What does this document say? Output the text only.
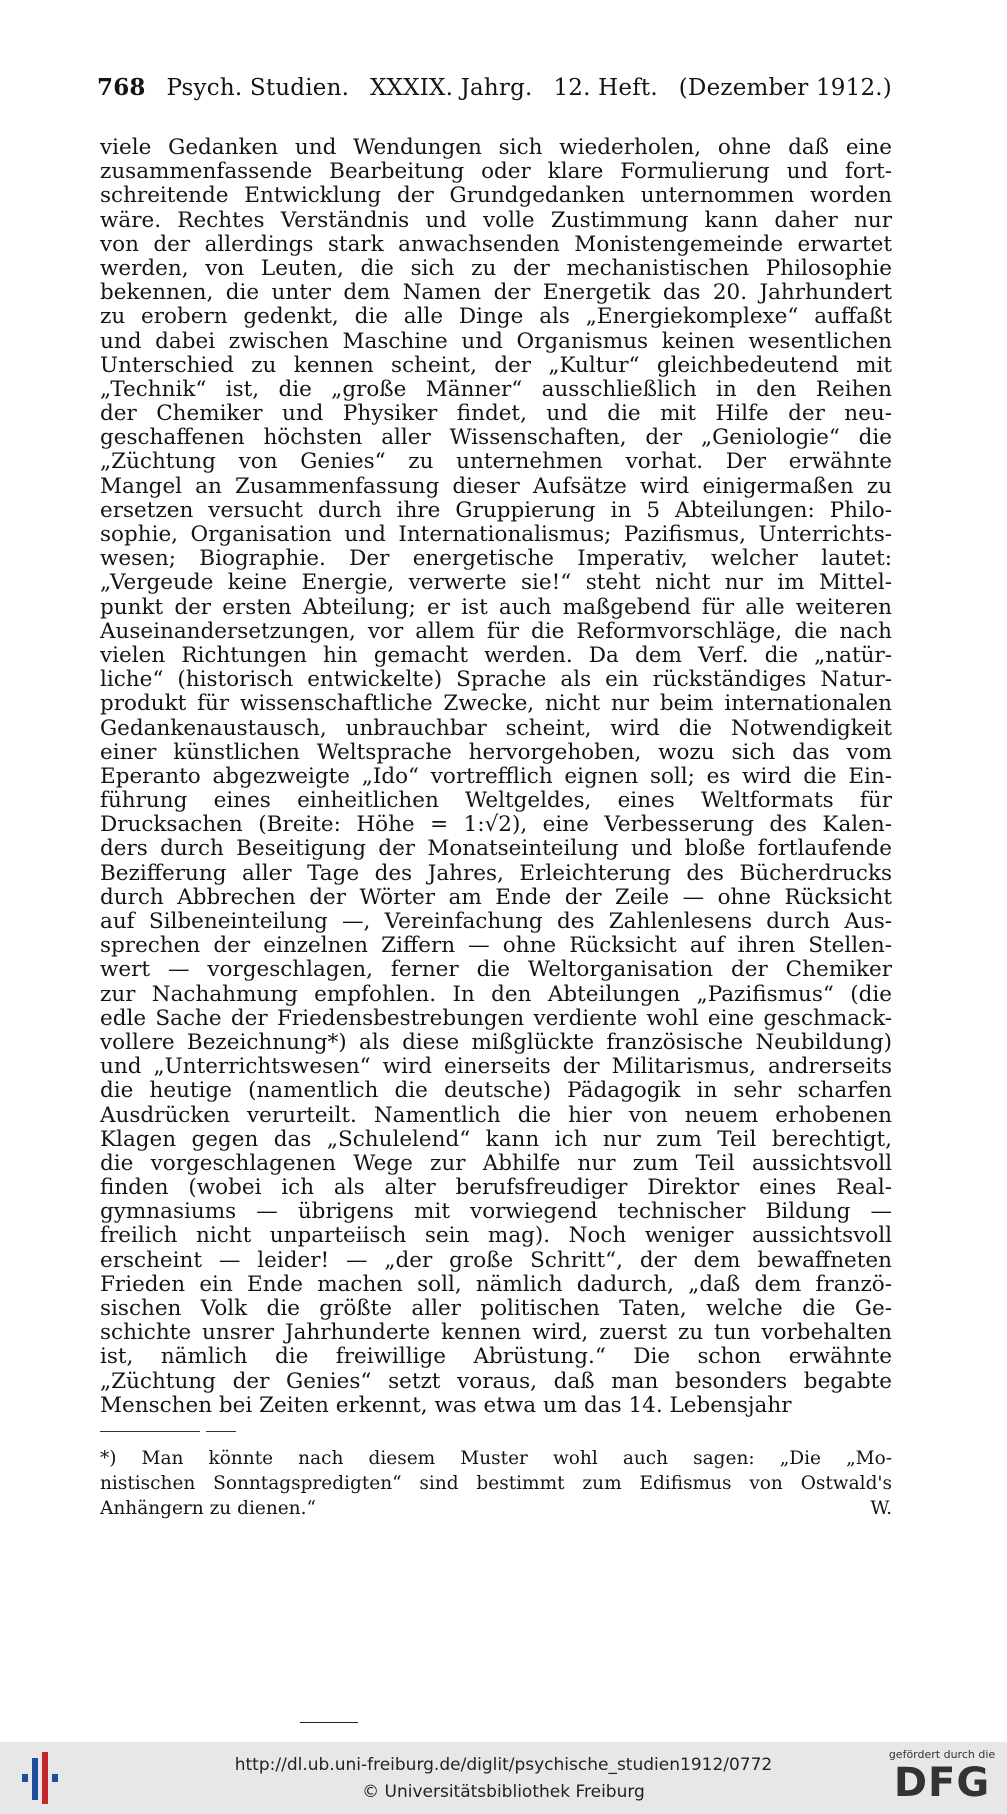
768 Psych. Studien. XXXIX. Jahrg. 12. Heft. (Dezember 1912.)
viele Gedanken und Wendungen sich wiederholen, ohne daß eine
zusammenfassende Bearbeitung oder klare Formulierung und fort-
schreitende Entwicklung der Grundgedanken unternommen worden
wäre. Rechtes Verständnis und volle Zustimmung kann daher nur
von der allerdings stark anwachsenden Monistengemeinde erwartet
werden, von Leuten, die sich zu der mechanistischen Philosophie
bekennen, die unter dem Namen der Energetik das 20. Jahrhundert
zu erobern gedenkt, die alle Dinge als „Energiekomplexe“ auffaßt
und dabei zwischen Maschine und Organismus keinen wesentlichen
Unterschied zu kennen scheint, der „Kultur“ gleichbedeutend mit
„Technik“ ist, die „große Männer“ ausschließlich in den Reihen
der Chemiker und Physiker findet, und die mit Hilfe der neu-
geschaffenen höchsten aller Wissenschaften, der „Geniologie“ die
„Züchtung von Genies“ zu unternehmen vorhat. Der erwähnte
Mangel an Zusammenfassung dieser Aufsätze wird einigermaßen zu
ersetzen versucht durch ihre Gruppierung in 5 Abteilungen: Philo-
sophie, Organisation und Internationalismus; Pazifismus, Unterrichts-
wesen; Biographie. Der energetische Imperativ, welcher lautet:
„Vergeude keine Energie, verwerte sie!“ steht nicht nur im Mittel-
punkt der ersten Abteilung; er ist auch maßgebend für alle weiteren
Auseinandersetzungen, vor allem für die Reformvorschläge, die nach
vielen Richtungen hin gemacht werden. Da dem Verf. die „natür-
liche“ (historisch entwickelte) Sprache als ein rückständiges Natur-
produkt für wissenschaftliche Zwecke, nicht nur beim internationalen
Gedankenaustausch, unbrauchbar scheint, wird die Notwendigkeit
einer künstlichen Weltsprache hervorgehoben, wozu sich das vom
Eperanto abgezweigte „Ido“ vortrefflich eignen soll; es wird die Ein-
führung eines einheitlichen Weltgeldes, eines Weltformats für
Drucksachen (Breite: Höhe = 1:√2), eine Verbesserung des Kalen-
ders durch Beseitigung der Monatseinteilung und bloße fortlaufende
Bezifferung aller Tage des Jahres, Erleichterung des Bücherdrucks
durch Abbrechen der Wörter am Ende der Zeile — ohne Rücksicht
auf Silbeneinteilung —, Vereinfachung des Zahlenlesens durch Aus-
sprechen der einzelnen Ziffern — ohne Rücksicht auf ihren Stellen-
wert — vorgeschlagen, ferner die Weltorganisation der Chemiker
zur Nachahmung empfohlen. In den Abteilungen „Pazifismus“ (die
edle Sache der Friedensbestrebungen verdiente wohl eine geschmack-
vollere Bezeichnung*) als diese mißglückte französische Neubildung)
und „Unterrichtswesen“ wird einerseits der Militarismus, andrerseits
die heutige (namentlich die deutsche) Pädagogik in sehr scharfen
Ausdrücken verurteilt. Namentlich die hier von neuem erhobenen
Klagen gegen das „Schulelend“ kann ich nur zum Teil berechtigt,
die vorgeschlagenen Wege zur Abhilfe nur zum Teil aussichtsvoll
finden (wobei ich als alter berufsfreudiger Direktor eines Real-
gymnasiums — übrigens mit vorwiegend technischer Bildung —
freilich nicht unparteiisch sein mag). Noch weniger aussichtsvoll
erscheint — leider! — „der große Schritt“, der dem bewaffneten
Frieden ein Ende machen soll, nämlich dadurch, „daß dem franzö-
sischen Volk die größte aller politischen Taten, welche die Ge-
schichte unsrer Jahrhunderte kennen wird, zuerst zu tun vorbehalten
ist, nämlich die freiwillige Abrüstung.“ Die schon erwähnte
„Züchtung der Genies“ setzt voraus, daß man besonders begabte
Menschen bei Zeiten erkennt, was etwa um das 14. Lebensjahr
*) Man könnte nach diesem Muster wohl auch sagen: „Die „Mo-
nistischen Sonntagspredigten“ sind bestimmt zum Edifismus von Ostwald's
Anhängern zu dienen.“	W.
http://dl.ub.uni-freiburg.de/diglit/psychische_studien1912/0772
© Universitätsbibliothek Freiburg
gefördert durch die
DFG
